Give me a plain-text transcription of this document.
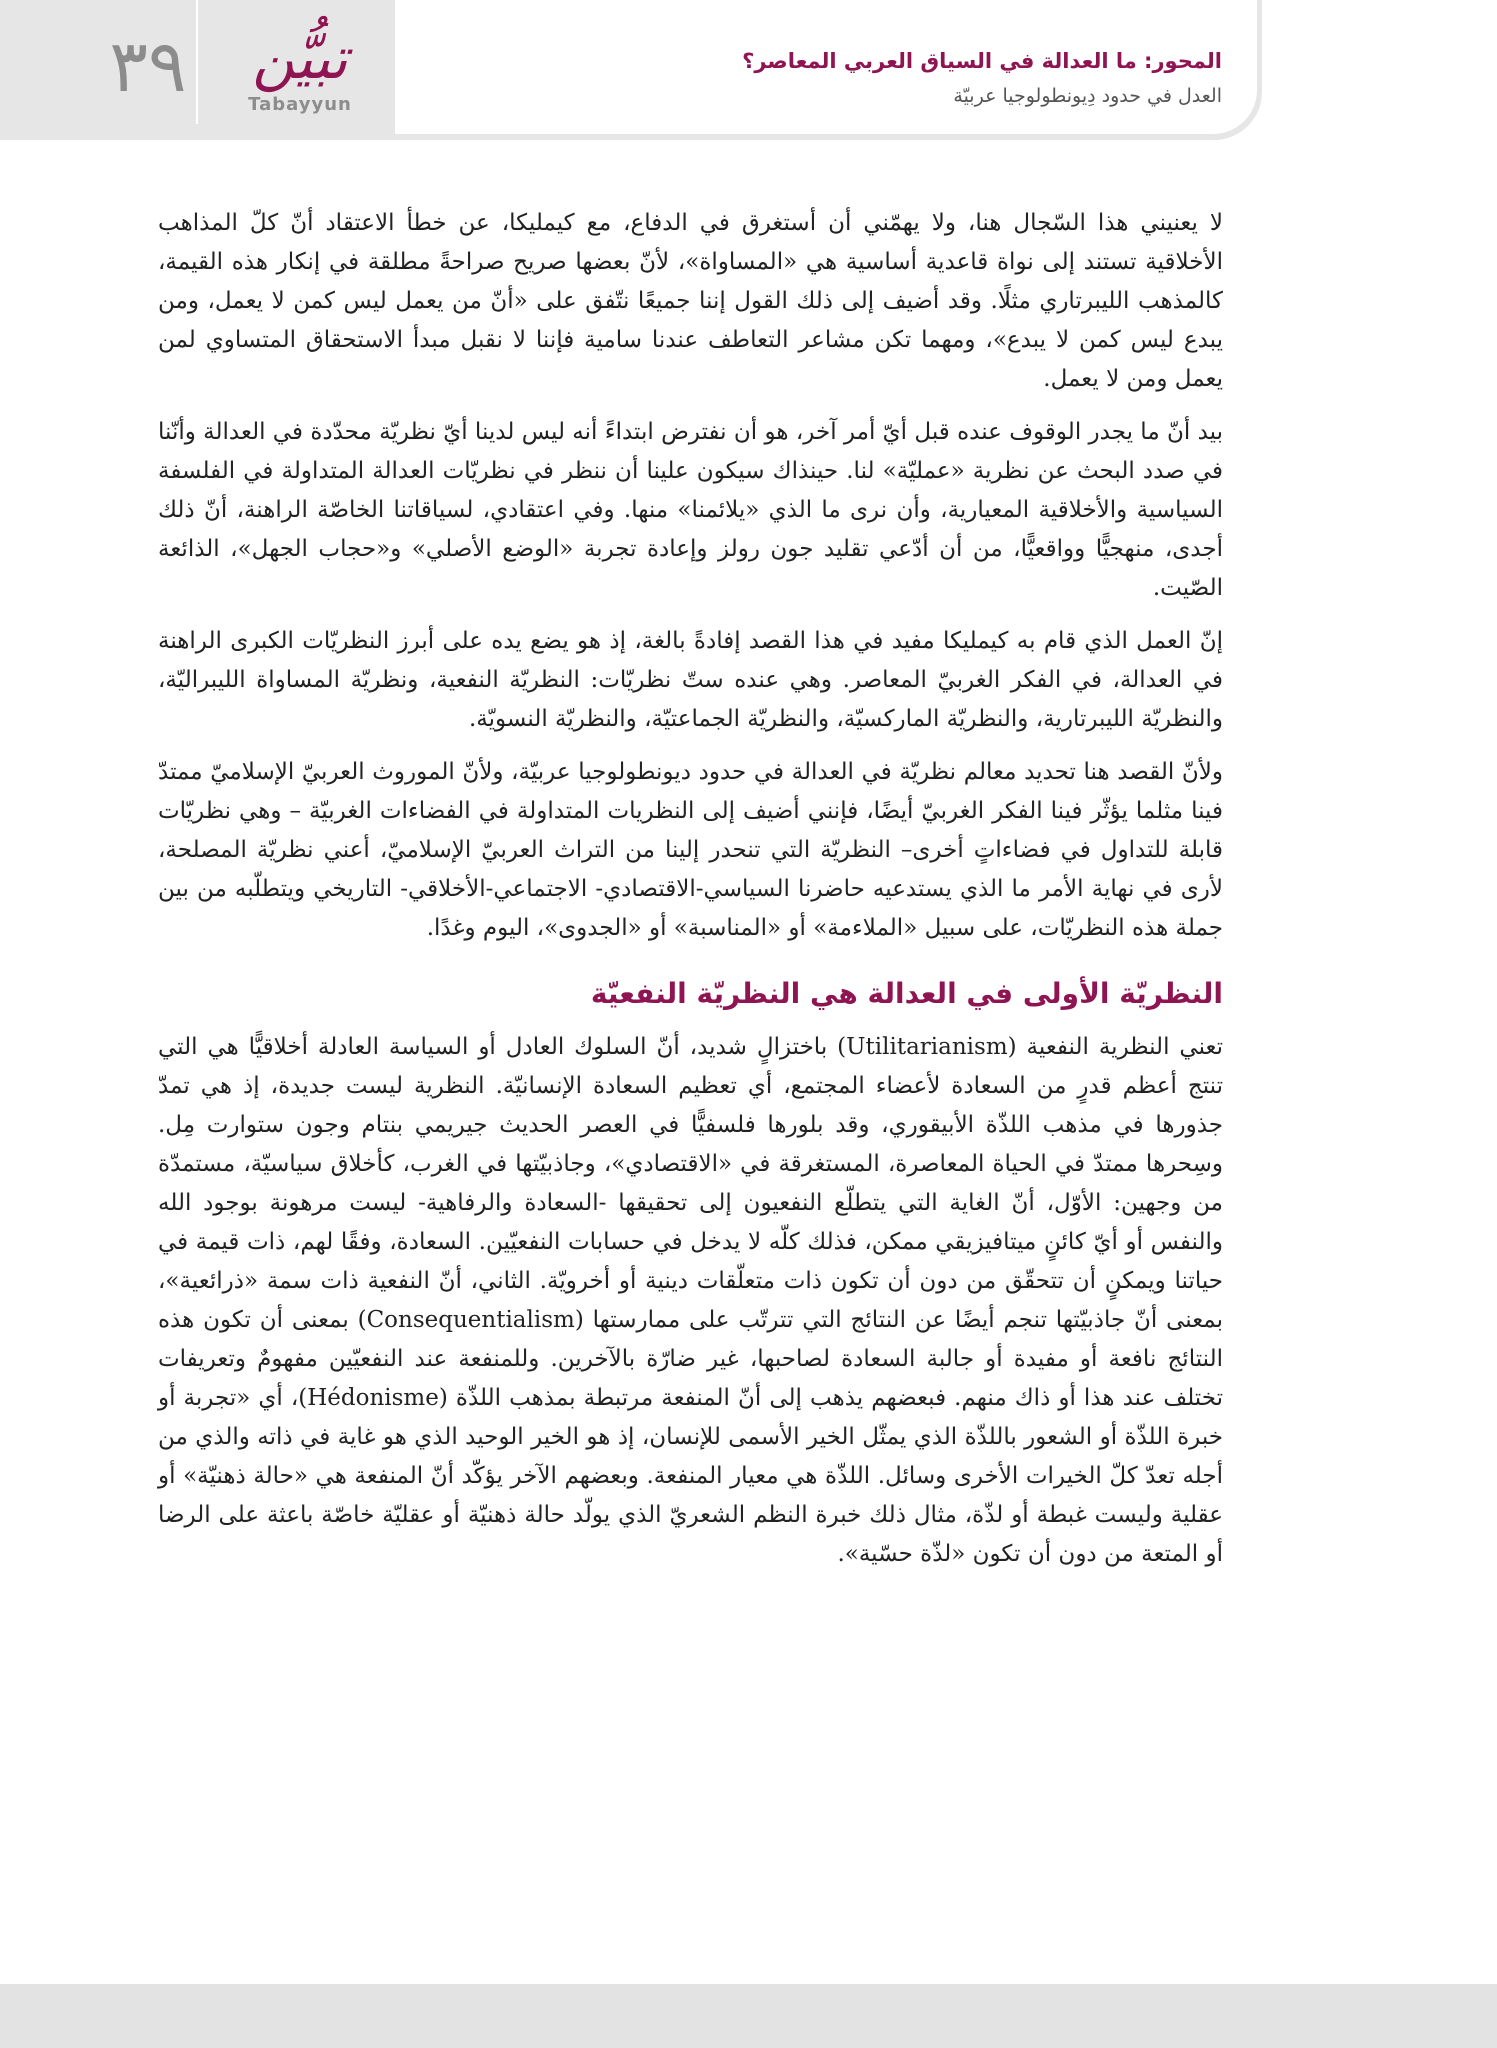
٣٩	تبيُّن
Tabayyun
المحور: ما العدالة في السياق العربي المعاصر؟
العدل في حدود دِيونطولوجيا عربيّة

لا يعنيني هذا السّجال هنا، ولا يهمّني أن أستغرق في الدفاع، مع كيمليكا، عن خطأ الاعتقاد أنّ كلّ المذاهب الأخلاقية تستند إلى نواة قاعدية أساسية هي «المساواة»، لأنّ بعضها صريح صراحةً مطلقة في إنكار هذه القيمة، كالمذهب الليبرتاري مثلًا. وقد أضيف إلى ذلك القول إننا جميعًا نتّفق على «أنّ من يعمل ليس كمن لا يعمل، ومن يبدع ليس كمن لا يبدع»، ومهما تكن مشاعر التعاطف عندنا سامية فإننا لا نقبل مبدأ الاستحقاق المتساوي لمن يعمل ومن لا يعمل.

بيد أنّ ما يجدر الوقوف عنده قبل أيّ أمر آخر، هو أن نفترض ابتداءً أنه ليس لدينا أيّ نظريّة محدّدة في العدالة وأنّنا في صدد البحث عن نظرية «عمليّة» لنا. حينذاك سيكون علينا أن ننظر في نظريّات العدالة المتداولة في الفلسفة السياسية والأخلاقية المعيارية، وأن نرى ما الذي «يلائمنا» منها. وفي اعتقادي، لسياقاتنا الخاصّة الراهنة، أنّ ذلك أجدى، منهجيًّا وواقعيًّا، من أن أدّعي تقليد جون رولز وإعادة تجربة «الوضع الأصلي» و«حجاب الجهل»، الذائعة الصّيت.

إنّ العمل الذي قام به كيمليكا مفيد في هذا القصد إفادةً بالغة، إذ هو يضع يده على أبرز النظريّات الكبرى الراهنة في العدالة، في الفكر الغربيّ المعاصر. وهي عنده ستّ نظريّات: النظريّة النفعية، ونظريّة المساواة الليبراليّة، والنظريّة الليبرتارية، والنظريّة الماركسيّة، والنظريّة الجماعتيّة، والنظريّة النسويّة.

ولأنّ القصد هنا تحديد معالم نظريّة في العدالة في حدود ديونطولوجيا عربيّة، ولأنّ الموروث العربيّ الإسلاميّ ممتدّ فينا مثلما يؤثّر فينا الفكر الغربيّ أيضًا، فإنني أضيف إلى النظريات المتداولة في الفضاءات الغربيّة – وهي نظريّات قابلة للتداول في فضاءاتٍ أخرى– النظريّة التي تنحدر إلينا من التراث العربيّ الإسلاميّ، أعني نظريّة المصلحة، لأرى في نهاية الأمر ما الذي يستدعيه حاضرنا السياسي-الاقتصادي- الاجتماعي-الأخلاقي- التاريخي ويتطلّبه من بين جملة هذه النظريّات، على سبيل «الملاءمة» أو «المناسبة» أو «الجدوى»، اليوم وغدًا.

النظريّة الأولى في العدالة هي النظريّة النفعيّة

تعني النظرية النفعية (Utilitarianism) باختزالٍ شديد، أنّ السلوك العادل أو السياسة العادلة أخلاقيًّا هي التي تنتج أعظم قدرٍ من السعادة لأعضاء المجتمع، أي تعظيم السعادة الإنسانيّة. النظرية ليست جديدة، إذ هي تمدّ جذورها في مذهب اللذّة الأبيقوري، وقد بلورها فلسفيًّا في العصر الحديث جيريمي بنتام وجون ستوارت مِل. وسِحرها ممتدّ في الحياة المعاصرة، المستغرقة في «الاقتصادي»، وجاذبيّتها في الغرب، كأخلاق سياسيّة، مستمدّة من وجهين: الأوّل، أنّ الغاية التي يتطلّع النفعيون إلى تحقيقها -السعادة والرفاهية- ليست مرهونة بوجود الله والنفس أو أيّ كائنٍ ميتافيزيقي ممكن، فذلك كلّه لا يدخل في حسابات النفعيّين. السعادة، وفقًا لهم، ذات قيمة في حياتنا ويمكنٍ أن تتحقّق من دون أن تكون ذات متعلّقات دينية أو أخرويّة. الثاني، أنّ النفعية ذات سمة «ذرائعية»، بمعنى أنّ جاذبيّتها تنجم أيضًا عن النتائج التي تترتّب على ممارستها (Consequentialism) بمعنى أن تكون هذه النتائج نافعة أو مفيدة أو جالبة السعادة لصاحبها، غير ضارّة بالآخرين. وللمنفعة عند النفعيّين مفهومٌ وتعريفات تختلف عند هذا أو ذاك منهم. فبعضهم يذهب إلى أنّ المنفعة مرتبطة بمذهب اللذّة (Hédonisme)، أي «تجربة أو خبرة اللذّة أو الشعور باللذّة الذي يمثّل الخير الأسمى للإنسان، إذ هو الخير الوحيد الذي هو غاية في ذاته والذي من أجله تعدّ كلّ الخيرات الأخرى وسائل. اللذّة هي معيار المنفعة. وبعضهم الآخر يؤكّد أنّ المنفعة هي «حالة ذهنيّة» أو عقلية وليست غبطة أو لذّة، مثال ذلك خبرة النظم الشعريّ الذي يولّد حالة ذهنيّة أو عقليّة خاصّة باعثة على الرضا أو المتعة من دون أن تكون «لذّة حسّية».
